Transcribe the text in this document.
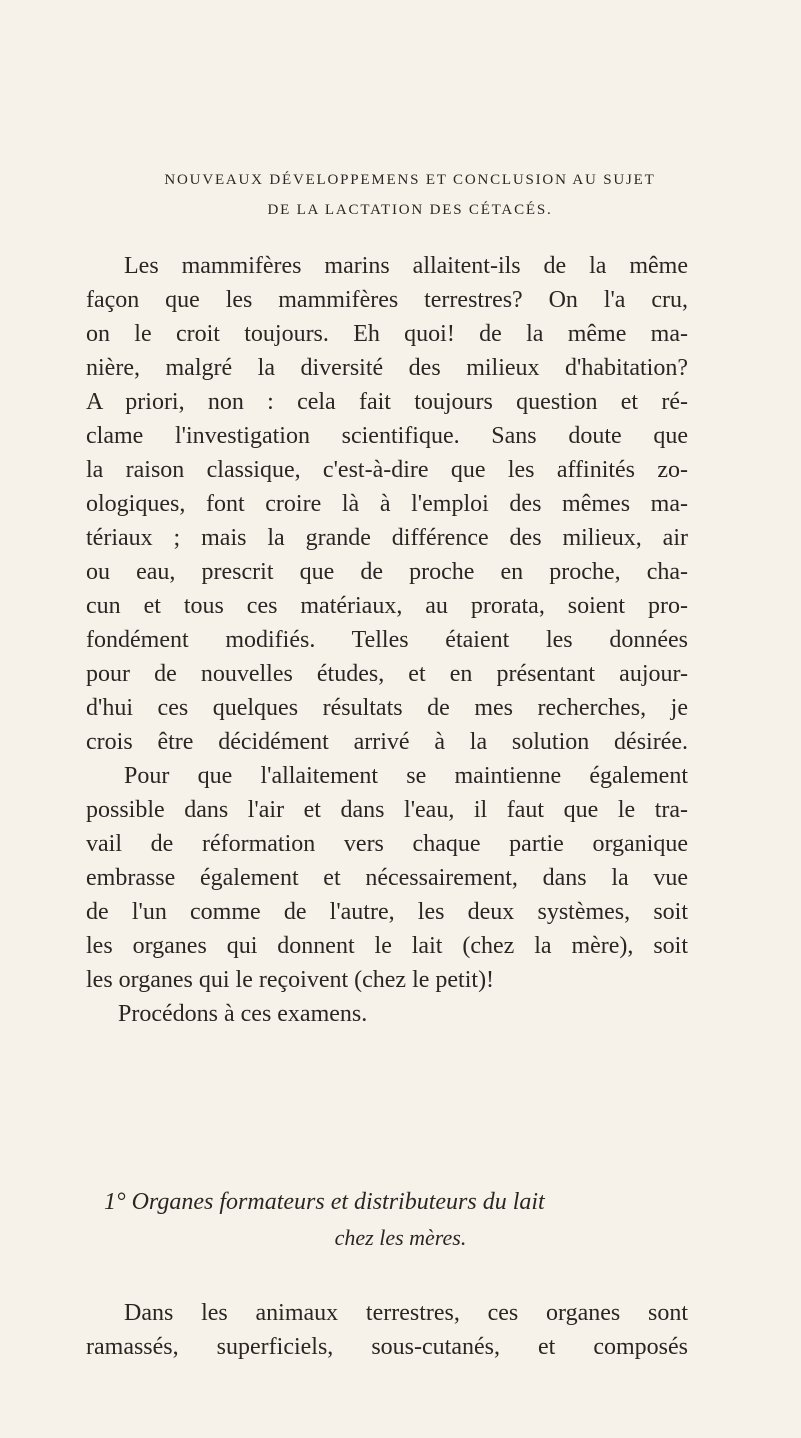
NOUVEAUX DÉVELOPPEMENS ET CONCLUSION AU SUJET
DE LA LACTATION DES CÉTACÉS.
Les mammifères marins allaitent-ils de la même
façon que les mammifères terrestres? On l'a cru,
on le croit toujours. Eh quoi! de la même ma-
nière, malgré la diversité des milieux d'habitation?
A priori, non : cela fait toujours question et ré-
clame l'investigation scientifique. Sans doute que
la raison classique, c'est-à-dire que les affinités zo-
ologiques, font croire là à l'emploi des mêmes ma-
tériaux ; mais la grande différence des milieux, air
ou eau, prescrit que de proche en proche, cha-
cun et tous ces matériaux, au prorata, soient pro-
fondément modifiés. Telles étaient les données
pour de nouvelles études, et en présentant aujour-
d'hui ces quelques résultats de mes recherches, je
crois être décidément arrivé à la solution désirée.
Pour que l'allaitement se maintienne également
possible dans l'air et dans l'eau, il faut que le tra-
vail de réformation vers chaque partie organique
embrasse également et nécessairement, dans la vue
de l'un comme de l'autre, les deux systèmes, soit
les organes qui donnent le lait (chez la mère), soit
les organes qui le reçoivent (chez le petit)!
Procédons à ces examens.
1° Organes formateurs et distributeurs du lait
chez les mères.
Dans les animaux terrestres, ces organes sont
ramassés, superficiels, sous-cutanés, et composés
